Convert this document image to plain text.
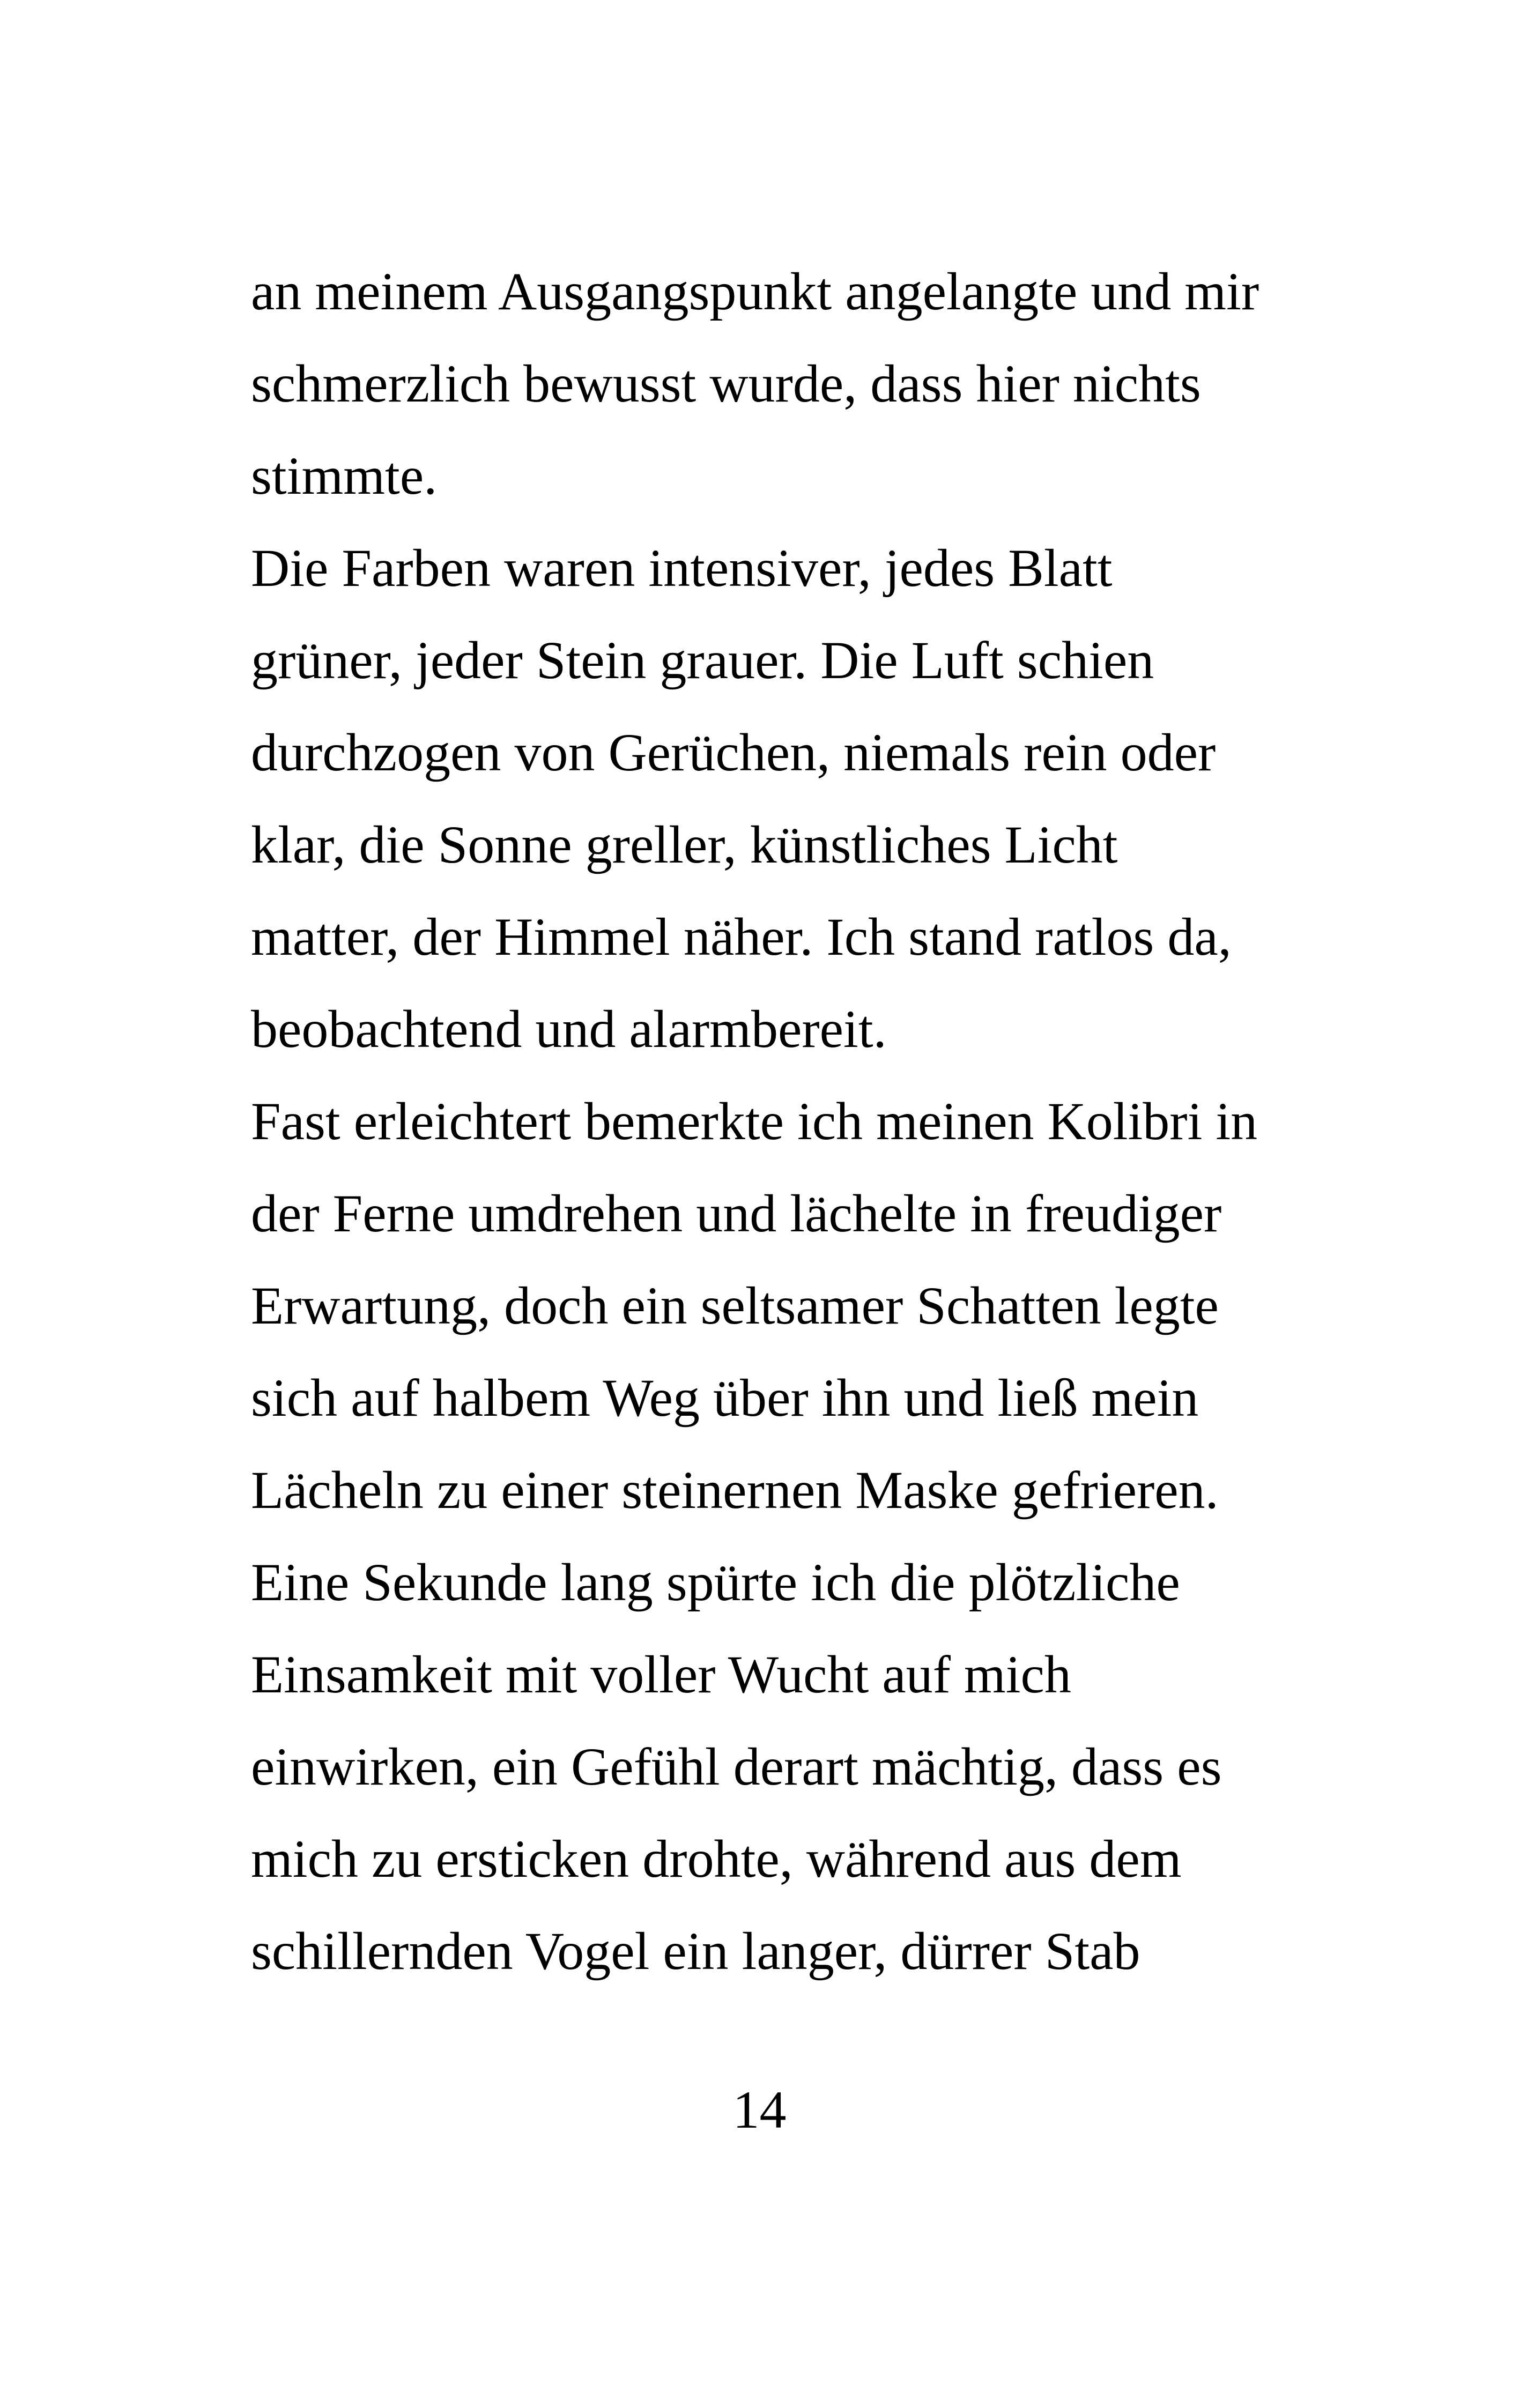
an meinem Ausgangspunkt angelangte und mir
schmerzlich bewusst wurde, dass hier nichts
stimmte.
Die Farben waren intensiver, jedes Blatt
grüner, jeder Stein grauer. Die Luft schien
durchzogen von Gerüchen, niemals rein oder
klar, die Sonne greller, künstliches Licht
matter, der Himmel näher. Ich stand ratlos da,
beobachtend und alarmbereit.
Fast erleichtert bemerkte ich meinen Kolibri in
der Ferne umdrehen und lächelte in freudiger
Erwartung, doch ein seltsamer Schatten legte
sich auf halbem Weg über ihn und ließ mein
Lächeln zu einer steinernen Maske gefrieren.
Eine Sekunde lang spürte ich die plötzliche
Einsamkeit mit voller Wucht auf mich
einwirken, ein Gefühl derart mächtig, dass es
mich zu ersticken drohte, während aus dem
schillernden Vogel ein langer, dürrer Stab
14
